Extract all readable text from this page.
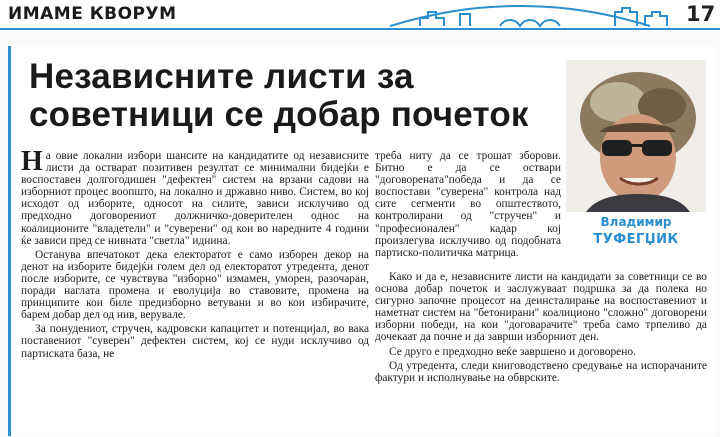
ИМАМЕ КВОРУМ	17
Независните листи за советници се добар почеток
Владимир
ТУФЕГЏИК

На овие локални избори шансите на кандидатите од независните листи да остварат позитивен резултат се минимални бидејќи е воспоставен долгогодишен "дефектен" систем на врзани садови на изборниот процес воопшто, на локално и државно ниво. Систем, во кој исходот од изборите, односот на силите, зависи исклучиво од предходно договорениот должничко-доверителен однос на коалиционите "владетели" и "суверени" од кои во наредните 4 години ќе зависи пред се нивната "светла" иднина.

Останува впечатокот дека електоратот е само изборен декор на денот на изборите бидејќи голем дел од електоратот утредента, денот после изборите, се чувствува "изборно" измамен, уморен, разочаран, поради наглата промена и еволуција во ставовите, промена на принципите кои биле предизборно ветувани и во кои избирачите, барем добар дел од нив, верувале.

За понудениот, стручен, кадровски капацитет и потенцијал, во вака поставениот "суверен" дефектен систем, кој се нуди исклучиво од партиската база, не

треба ниту да се трошат зборови. Битно е да се оствари "договорената"победа и да се воспостави "суверена" контрола над сите сегменти во општеството, контролирани од "стручен" и "професионален" кадар кој произлегува исклучиво од подобната партиско-политичка матрица.

Како и да е, независните листи на кандидати за советници се во основа добар почеток и заслужуваат подршка за да полека но сигурно започне процесот на деинсталирање на воспоставениот и наметнат систем на "бетонирани" коалиционо "сложно" договорени изборни победи, на кои "договарачите" треба само трпеливо да дочекаат да почне и да заврши изборниот ден.

Се друго е предходно веќе завршено и договорено.

Од утредента, следи книговодствено средување на испорачаните фактури и исполнување на обврските.
